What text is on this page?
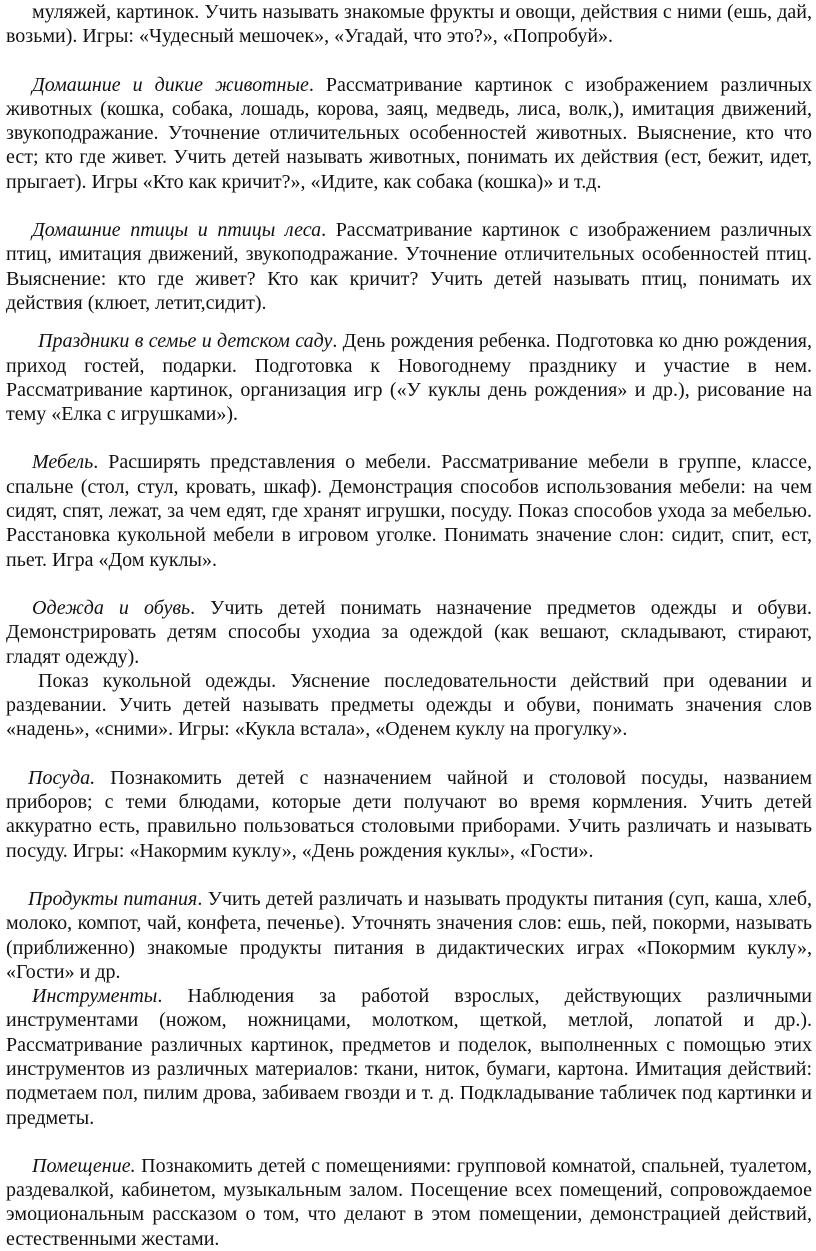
муляжей, картинок. Учить называть знакомые фрукты и овощи, действия с ними (ешь, дай, возьми). Игры: «Чудесный мешочек», «Угадай, что это?», «Попробуй».

Домашние и дикие животные. Рассматривание картинок с изображением различных животных (кошка, собака, лошадь, корова, заяц, медведь, лиса, волк,), имитация движений, звукоподражание. Уточнение отличительных особенностей животных. Выяснение, кто что ест; кто где живет. Учить детей называть животных, понимать их действия (ест, бежит, идет, прыгает). Игры «Кто как кричит?», «Идите, как собака (кошка)» и т.д.

Домашние птицы и птицы леса. Рассматривание картинок с изображением различных птиц, имитация движений, звукоподражание. Уточнение отличительных особенностей птиц. Выяснение: кто где живет? Кто как кричит? Учить детей называть птиц, понимать их действия (клюет, летит,сидит).

Праздники в семье и детском саду. День рождения ребенка. Подготовка ко дню рождения, приход гостей, подарки. Подготовка к Новогоднему празднику и участие в нем. Рассматривание картинок, организация игр («У куклы день рождения» и др.), рисование на тему «Елка с игрушками»).

Мебель. Расширять представления о мебели. Рассматривание мебели в группе, классе, спальне (стол, стул, кровать, шкаф). Демонстрация способов использования мебели: на чем сидят, спят, лежат, за чем едят, где хранят игрушки, посуду. Показ способов ухода за мебелью. Расстановка кукольной мебели в игровом уголке. Понимать значение слон: сидит, спит, ест, пьет. Игра «Дом куклы».

Одежда и обувь. Учить детей понимать назначение предметов одежды и обуви. Демонстрировать детям способы уходиа за одеждой (как вешают, складывают, стирают, гладят одежду).

Показ кукольной одежды. Уяснение последовательности действий при одевании и раздевании. Учить детей называть предметы одежды и обуви, понимать значения слов «надень», «сними». Игры: «Кукла встала», «Оденем куклу на прогулку».

Посуда. Познакомить детей с назначением чайной и столовой посуды, названием приборов; с теми блюдами, которые дети получают во время кормления. Учить детей аккуратно есть, правильно пользоваться столовыми приборами. Учить различать и называть посуду. Игры: «Накормим куклу», «День рождения куклы», «Гости».

Продукты питания. Учить детей различать и называть продукты питания (суп, каша, хлеб, молоко, компот, чай, конфета, печенье). Уточнять значения слов: ешь, пей, покорми, называть (приближенно) знакомые продукты питания в дидактических играх «Покормим куклу», «Гости» и др.

Инструменты. Наблюдения за работой взрослых, действующих различными инструментами (ножом, ножницами, молотком, щеткой, метлой, лопатой и др.). Рассматривание различных картинок, предметов и поделок, выполненных с помощью этих инструментов из различных материалов: ткани, ниток, бумаги, картона. Имитация действий: подметаем пол, пилим дрова, забиваем гвозди и т. д. Подкладывание табличек под картинки и предметы.

Помещение. Познакомить детей с помещениями: групповой комнатой, спальней, туалетом, раздевалкой, кабинетом, музыкальным залом. Посещение всех помещений, сопровождаемое эмоциональным рассказом о том, что делают в этом помещении, демонстрацией действий, естественными жестами.
